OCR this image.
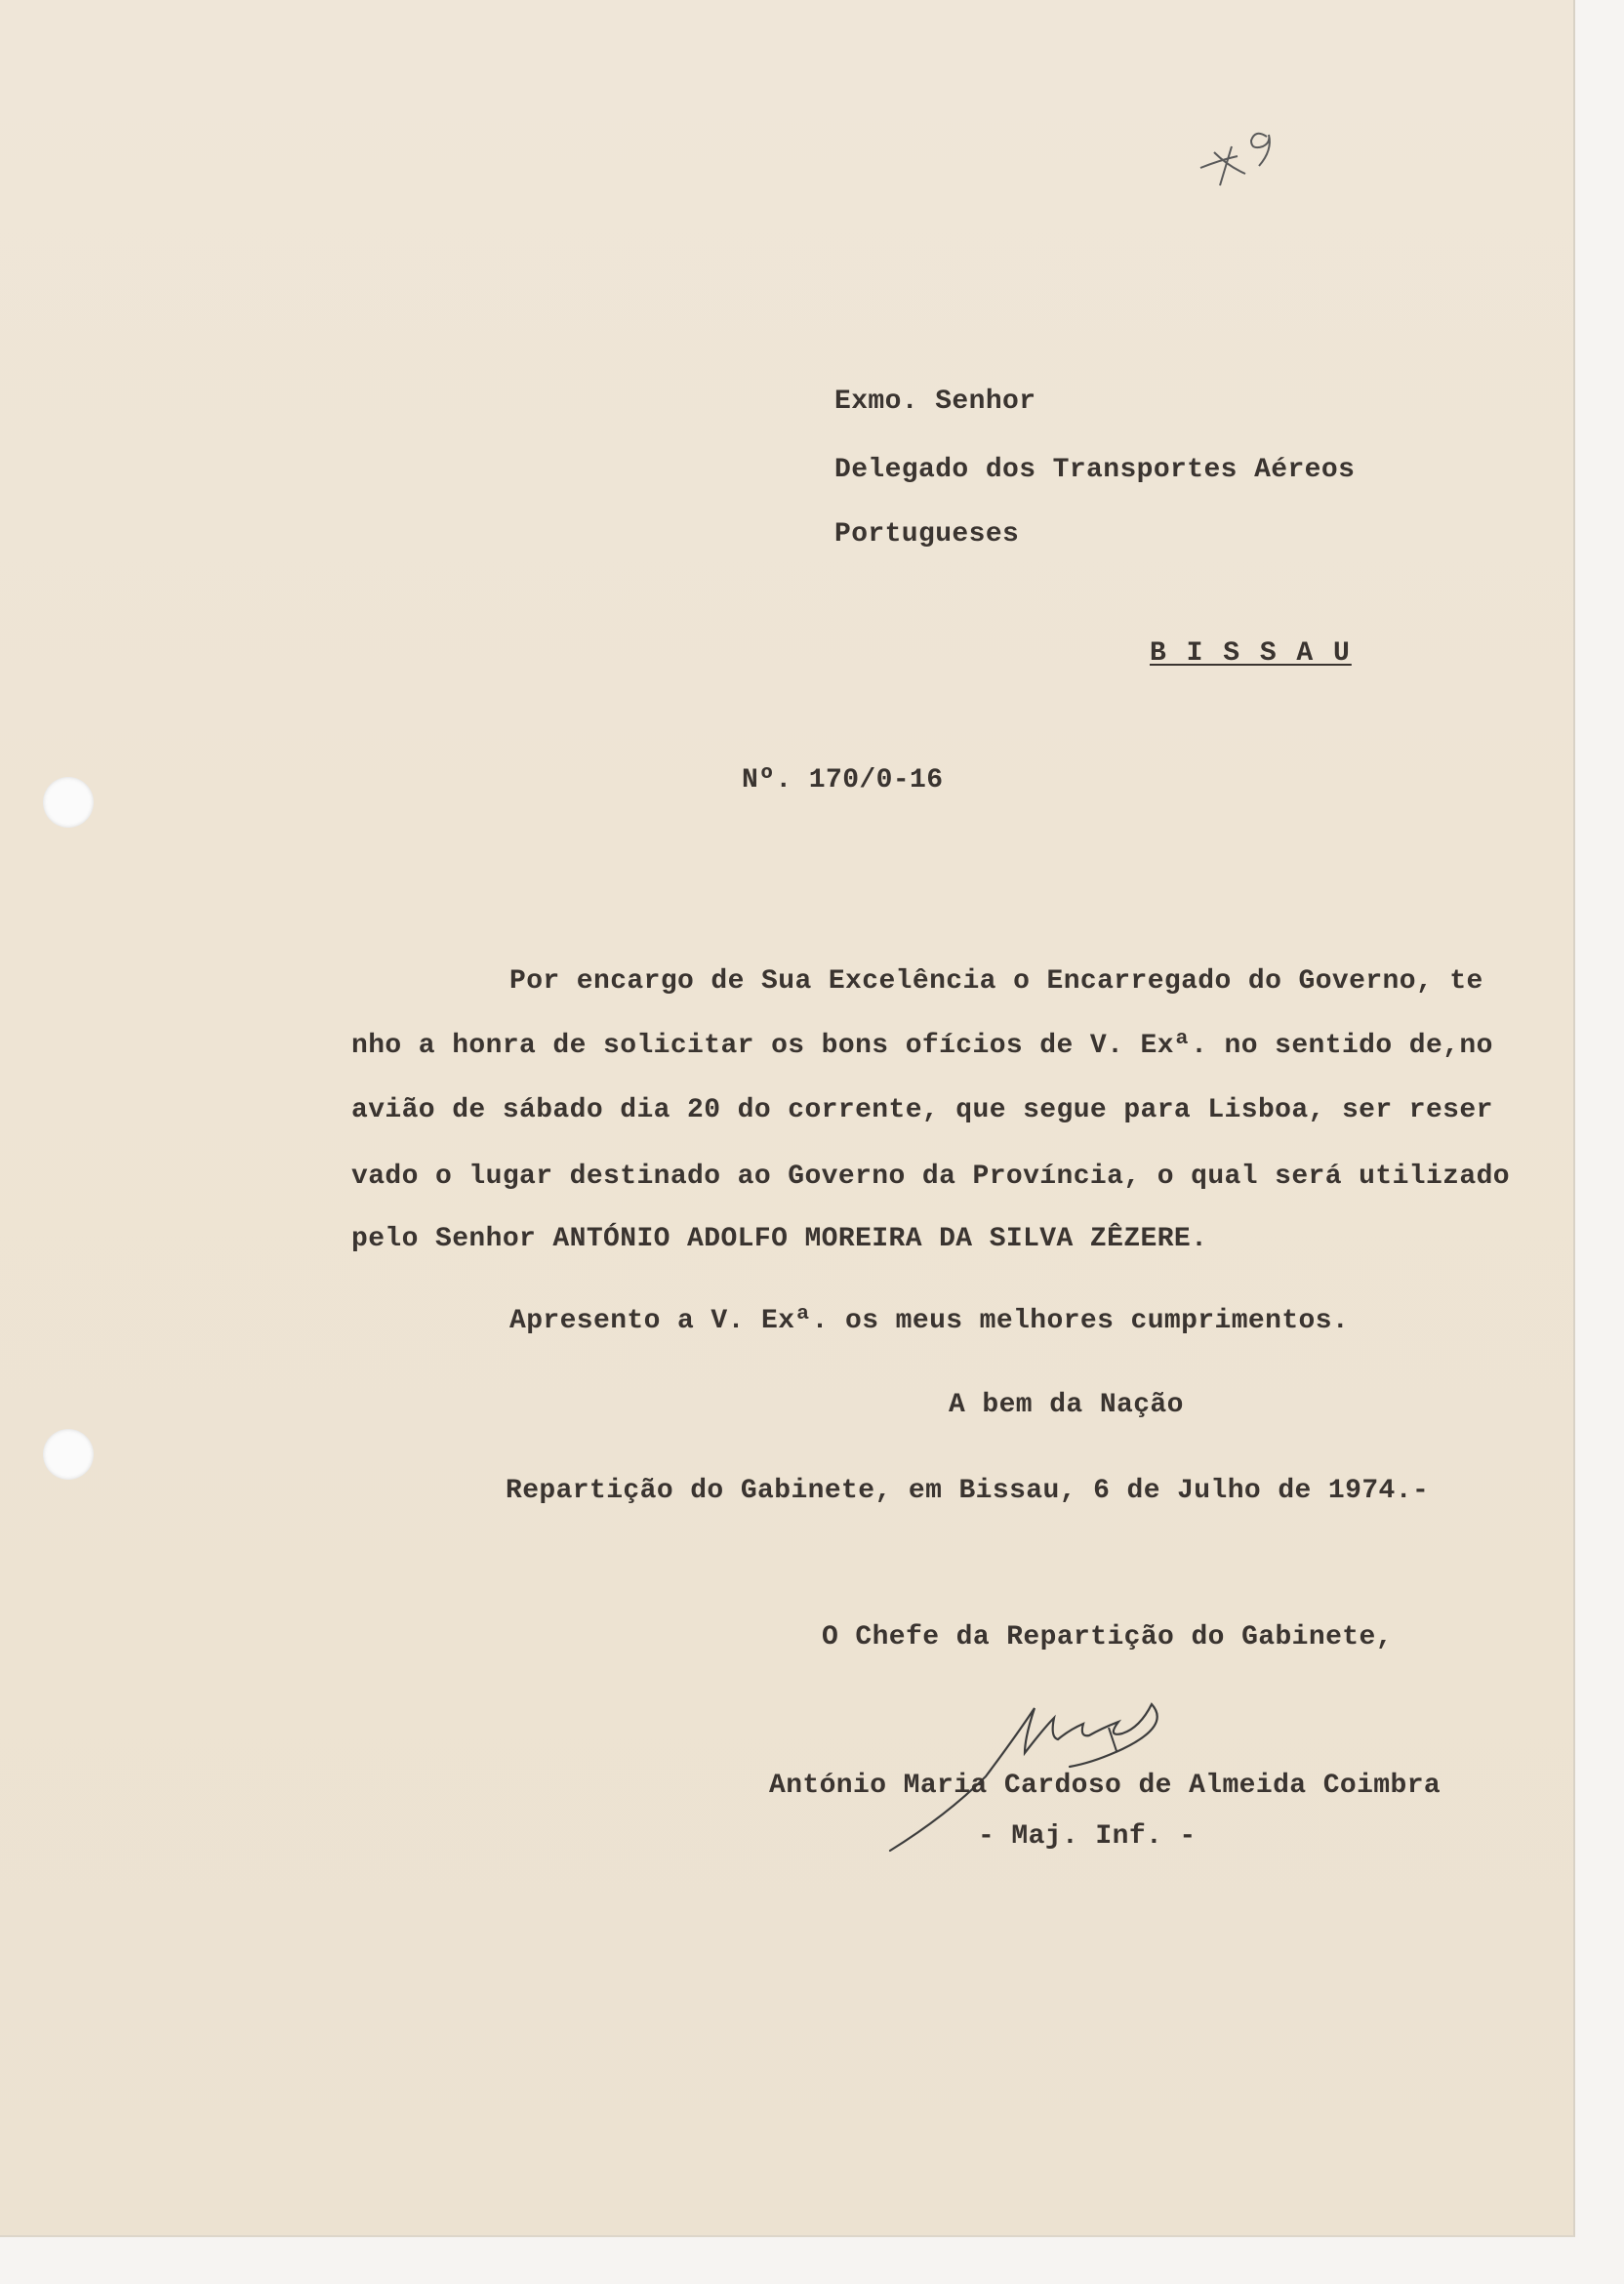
Exmo. Senhor
Delegado dos Transportes Aéreos
Portugueses
B I S S A U
Nº. 170/0-16
Por encargo de Sua Excelência o Encarregado do Governo, te
nho a honra de solicitar os bons ofícios de V. Exª. no sentido de,no
avião de sábado dia 20 do corrente, que segue para Lisboa, ser reser
vado o lugar destinado ao Governo da Província, o qual será utilizado
pelo Senhor ANTÓNIO ADOLFO MOREIRA DA SILVA ZÊZERE.
Apresento a V. Exª. os meus melhores cumprimentos.
A bem da Nação
Repartição do Gabinete, em Bissau, 6 de Julho de 1974.-
O Chefe da Repartição do Gabinete,
António Maria Cardoso de Almeida Coimbra
- Maj. Inf. -
